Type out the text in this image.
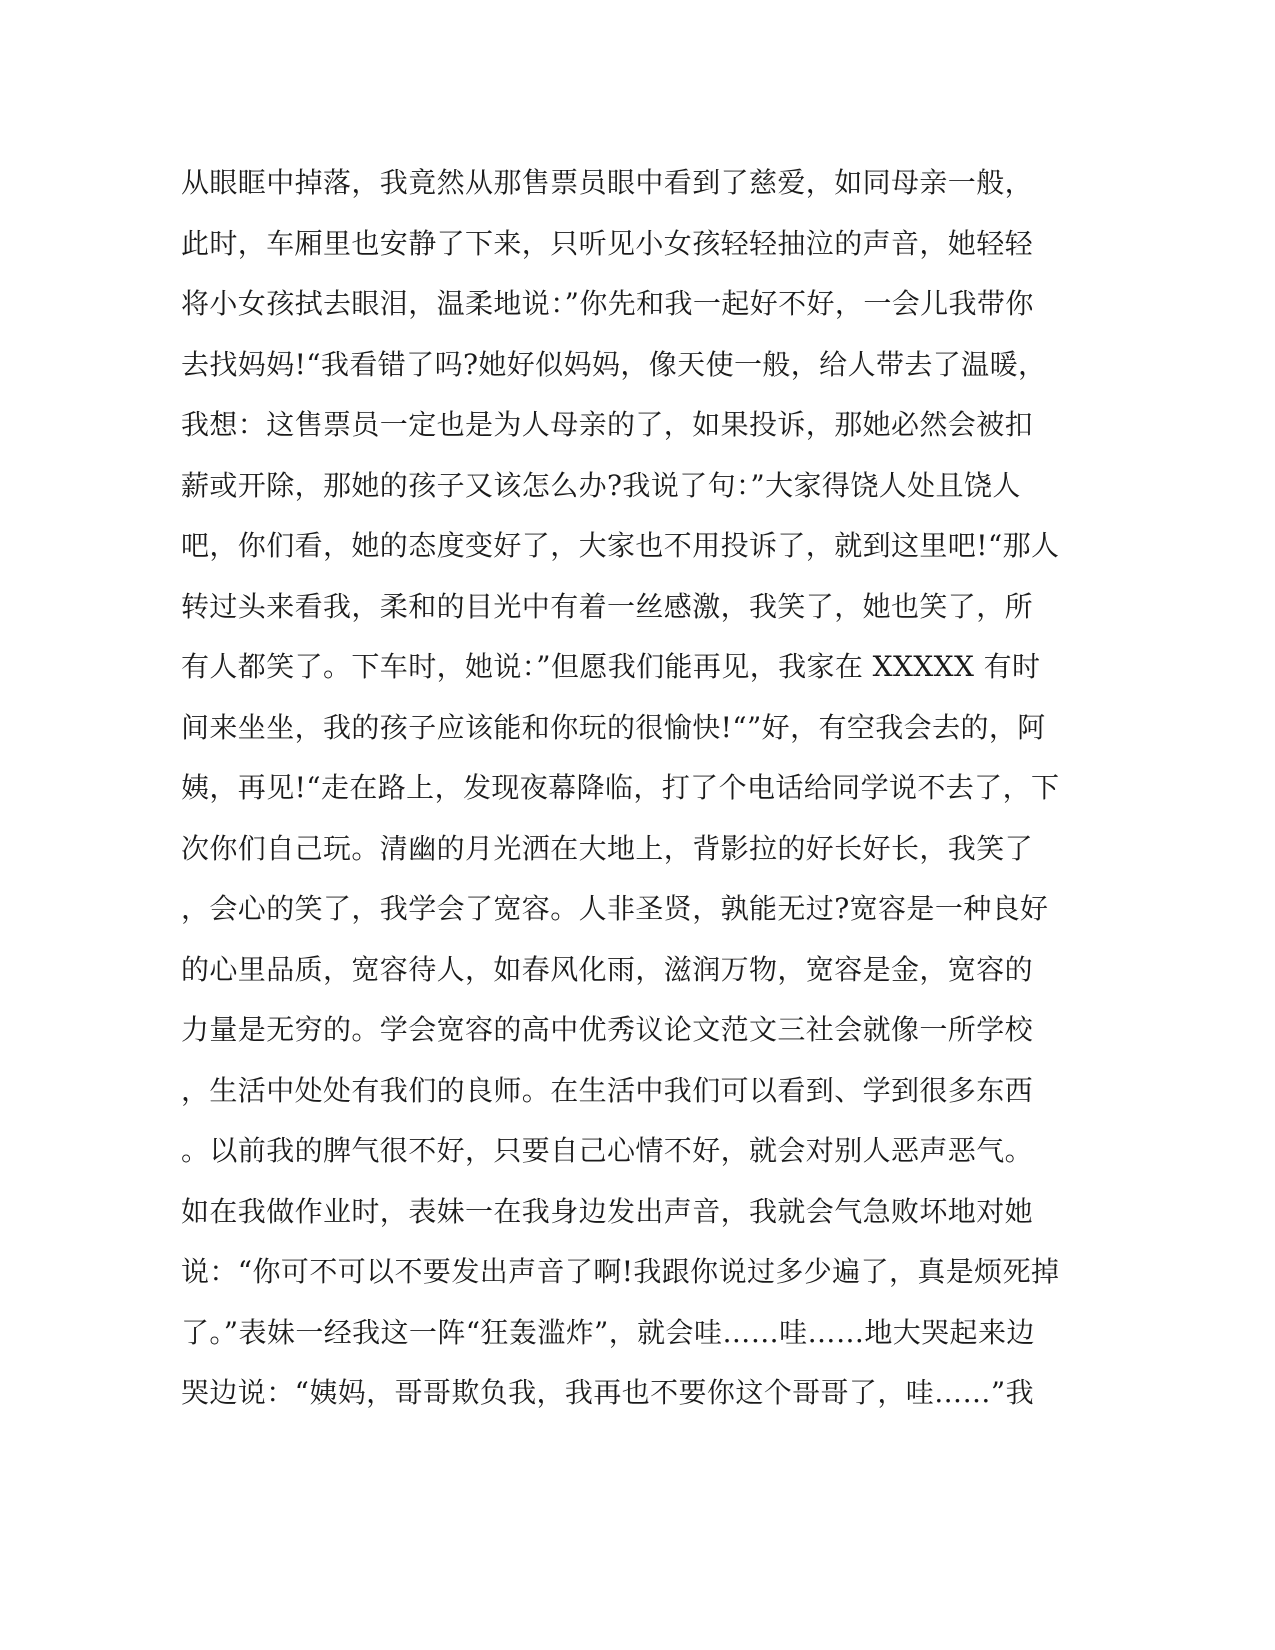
从眼眶中掉落，我竟然从那售票员眼中看到了慈爱，如同母亲一般，
此时，车厢里也安静了下来，只听见小女孩轻轻抽泣的声音，她轻轻
将小女孩拭去眼泪，温柔地说：”你先和我一起好不好，一会儿我带你
去找妈妈!“我看错了吗?她好似妈妈，像天使一般，给人带去了温暖，
我想：这售票员一定也是为人母亲的了，如果投诉，那她必然会被扣
薪或开除，那她的孩子又该怎么办?我说了句：”大家得饶人处且饶人
吧，你们看，她的态度变好了，大家也不用投诉了，就到这里吧!“那人
转过头来看我，柔和的目光中有着一丝感激，我笑了，她也笑了，所
有人都笑了。下车时，她说：”但愿我们能再见，我家在 XXXXX 有时
间来坐坐，我的孩子应该能和你玩的很愉快!“”好，有空我会去的，阿
姨，再见!“走在路上，发现夜幕降临，打了个电话给同学说不去了，下
次你们自己玩。清幽的月光洒在大地上，背影拉的好长好长，我笑了
，会心的笑了，我学会了宽容。人非圣贤，孰能无过?宽容是一种良好
的心里品质，宽容待人，如春风化雨，滋润万物，宽容是金，宽容的
力量是无穷的。学会宽容的高中优秀议论文范文三社会就像一所学校
，生活中处处有我们的良师。在生活中我们可以看到、学到很多东西
。以前我的脾气很不好，只要自己心情不好，就会对别人恶声恶气。
如在我做作业时，表妹一在我身边发出声音，我就会气急败坏地对她
说：“你可不可以不要发出声音了啊!我跟你说过多少遍了，真是烦死掉
了。”表妹一经我这一阵“狂轰滥炸”，就会哇……哇……地大哭起来边
哭边说：“姨妈，哥哥欺负我，我再也不要你这个哥哥了，哇……”我
